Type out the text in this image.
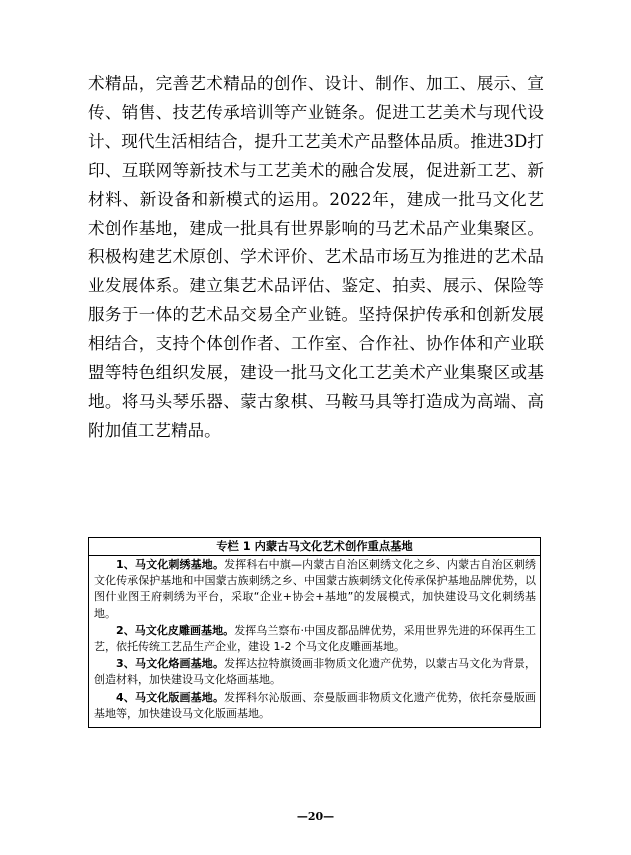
术精品，完善艺术精品的创作、设计、制作、加工、展示、宣传、销售、技艺传承培训等产业链条。促进工艺美术与现代设计、现代生活相结合，提升工艺美术产品整体品质。推进3D打印、互联网等新技术与工艺美术的融合发展，促进新工艺、新材料、新设备和新模式的运用。2022年，建成一批马文化艺术创作基地，建成一批具有世界影响的马艺术品产业集聚区。积极构建艺术原创、学术评价、艺术品市场互为推进的艺术品业发展体系。建立集艺术品评估、鉴定、拍卖、展示、保险等服务于一体的艺术品交易全产业链。坚持保护传承和创新发展相结合，支持个体创作者、工作室、合作社、协作体和产业联盟等特色组织发展，建设一批马文化工艺美术产业集聚区或基地。将马头琴乐器、蒙古象棋、马鞍马具等打造成为高端、高附加值工艺精品。

专栏 1 内蒙古马文化艺术创作重点基地

1、马文化刺绣基地。发挥科右中旗—内蒙古自治区刺绣文化之乡、内蒙古自治区刺绣文化传承保护基地和中国蒙古族刺绣之乡、中国蒙古族刺绣文化传承保护基地品牌优势，以图什业图王府刺绣为平台，采取“企业+协会+基地”的发展模式，加快建设马文化刺绣基地。

2、马文化皮雕画基地。发挥乌兰察布·中国皮都品牌优势，采用世界先进的环保再生工艺，依托传统工艺品生产企业，建设 1-2 个马文化皮雕画基地。

3、马文化烙画基地。发挥达拉特旗烫画非物质文化遗产优势，以蒙古马文化为背景，创造材料，加快建设马文化烙画基地。

4、马文化版画基地。发挥科尔沁版画、奈曼版画非物质文化遗产优势，依托奈曼版画基地等，加快建设马文化版画基地。

—20—
